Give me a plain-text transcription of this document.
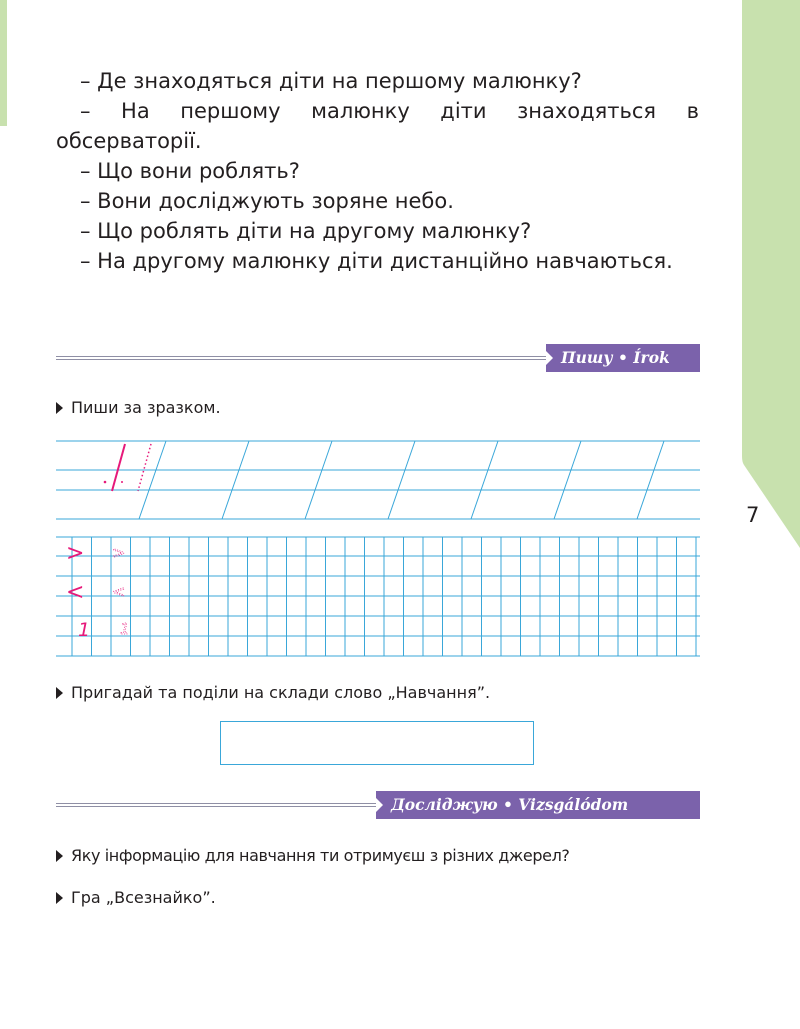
7

– Де знаходяться діти на першому малюнку?

– На першому малюнку діти знаходяться в обсерваторії.

– Що вони роблять?

– Вони досліджують зоряне небо.

– Що роблять діти на другому малюнку?

– На другому малюнку діти дистанційно навчаються.

Пишу • Írok
Пиши за зразком.
> >
< <
1 1
Пригадай та поділи на склади слово „Навчання”.
Досліджую • Vizsgálódom
Яку інформацію для навчання ти отримуєш з різних джерел?
Гра „Всезнайко”.
